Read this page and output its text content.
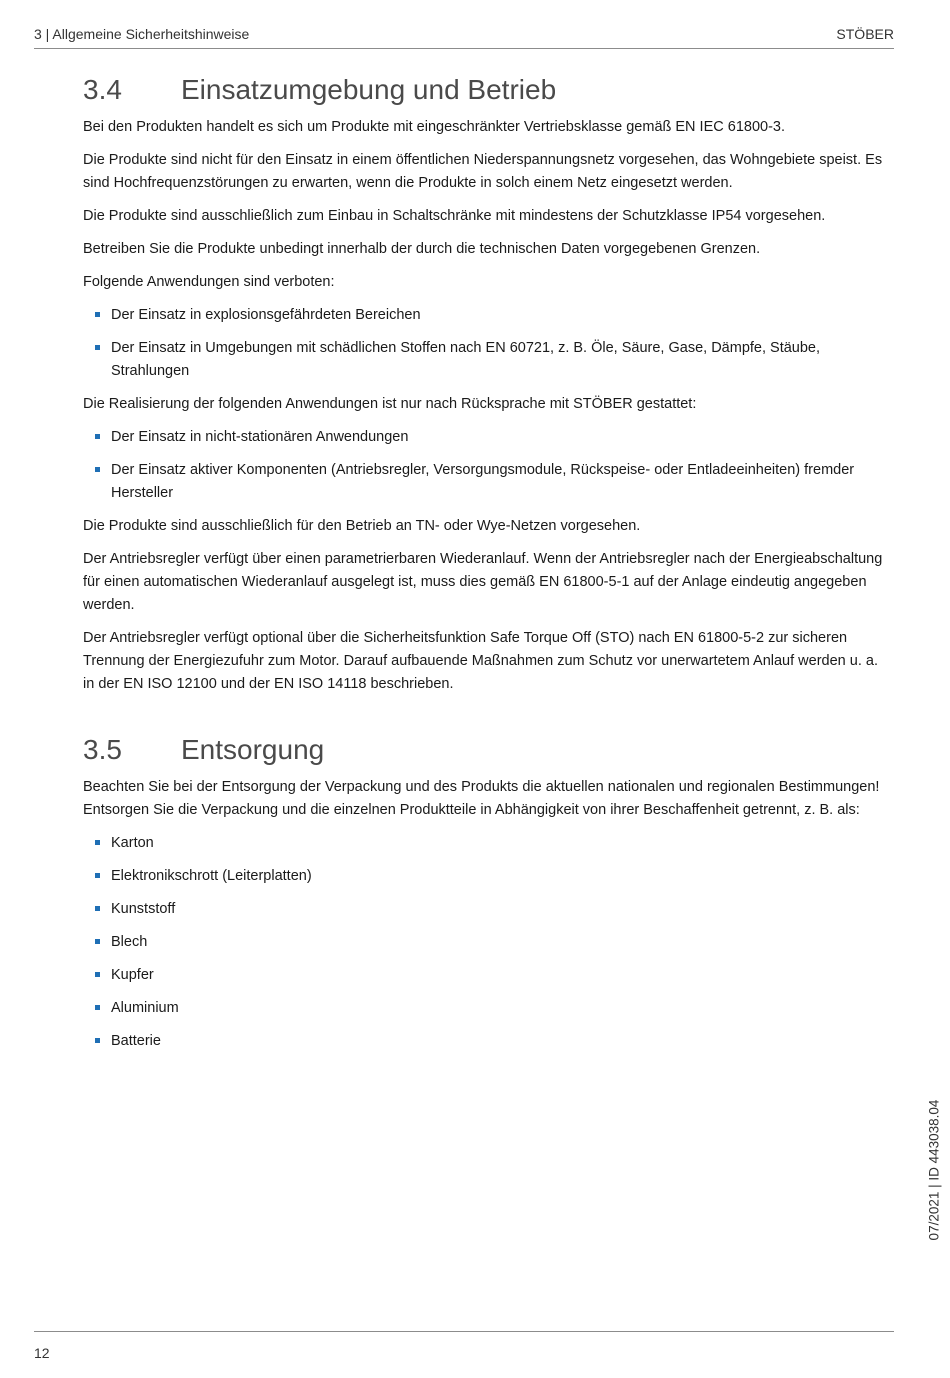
3 | Allgemeine Sicherheitshinweise	STÖBER
3.4	Einsatzumgebung und Betrieb

Bei den Produkten handelt es sich um Produkte mit eingeschränkter Vertriebsklasse gemäß EN IEC 61800-3.

Die Produkte sind nicht für den Einsatz in einem öffentlichen Niederspannungsnetz vorgesehen, das Wohngebiete speist. Es sind Hochfrequenzstörungen zu erwarten, wenn die Produkte in solch einem Netz eingesetzt werden.

Die Produkte sind ausschließlich zum Einbau in Schaltschränke mit mindestens der Schutzklasse IP54 vorgesehen.

Betreiben Sie die Produkte unbedingt innerhalb der durch die technischen Daten vorgegebenen Grenzen.

Folgende Anwendungen sind verboten:

Der Einsatz in explosionsgefährdeten Bereichen
Der Einsatz in Umgebungen mit schädlichen Stoffen nach EN 60721, z. B. Öle, Säure, Gase, Dämpfe, Stäube, Strahlungen

Die Realisierung der folgenden Anwendungen ist nur nach Rücksprache mit STÖBER gestattet:

Der Einsatz in nicht-stationären Anwendungen
Der Einsatz aktiver Komponenten (Antriebsregler, Versorgungsmodule, Rückspeise- oder Entladeeinheiten) fremder Hersteller

Die Produkte sind ausschließlich für den Betrieb an TN- oder Wye-Netzen vorgesehen.

Der Antriebsregler verfügt über einen parametrierbaren Wiederanlauf. Wenn der Antriebsregler nach der Energieabschaltung für einen automatischen Wiederanlauf ausgelegt ist, muss dies gemäß EN 61800-5-1 auf der Anlage eindeutig angegeben werden.

Der Antriebsregler verfügt optional über die Sicherheitsfunktion Safe Torque Off (STO) nach EN 61800-5-2 zur sicheren Trennung der Energiezufuhr zum Motor. Darauf aufbauende Maßnahmen zum Schutz vor unerwartetem Anlauf werden u. a. in der EN ISO 12100 und der EN ISO 14118 beschrieben.

3.5	Entsorgung

Beachten Sie bei der Entsorgung der Verpackung und des Produkts die aktuellen nationalen und regionalen Bestimmungen! Entsorgen Sie die Verpackung und die einzelnen Produktteile in Abhängigkeit von ihrer Beschaffenheit getrennt, z. B. als:

Karton
Elektronikschrott (Leiterplatten)
Kunststoff
Blech
Kupfer
Aluminium
Batterie
07/2021 | ID 443038.04
12
